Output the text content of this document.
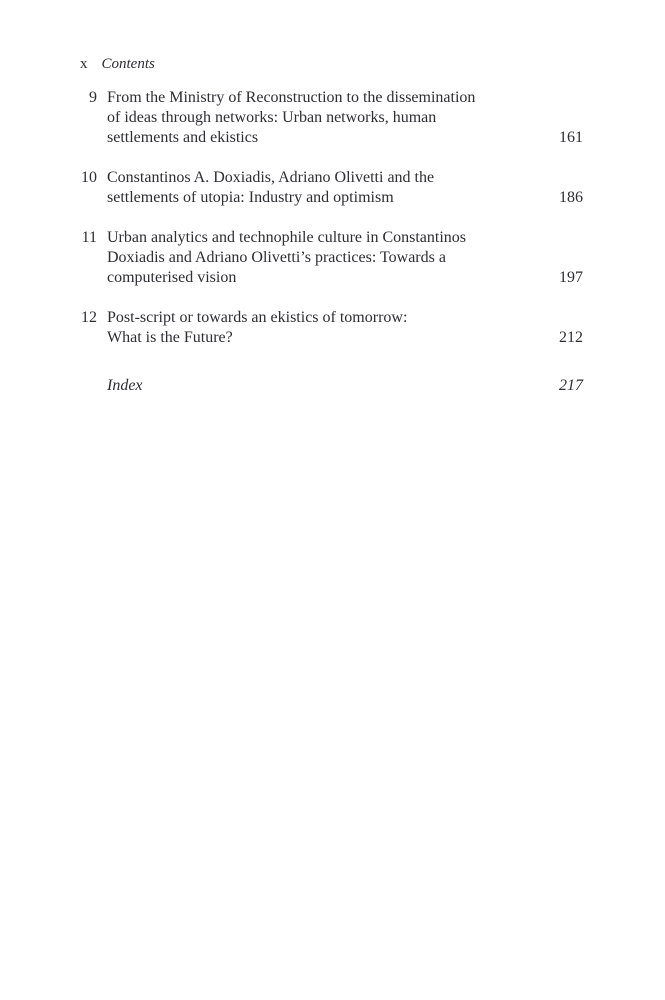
x Contents
9 From the Ministry of Reconstruction to the dissemination
of ideas through networks: Urban networks, human
settlements and ekistics	161
10 Constantinos A. Doxiadis, Adriano Olivetti and the
settlements of utopia: Industry and optimism	186
11 Urban analytics and technophile culture in Constantinos
Doxiadis and Adriano Olivetti’s practices: Towards a
computerised vision	197
12 Post-script or towards an ekistics of tomorrow:
What is the Future?	212
Index	217
